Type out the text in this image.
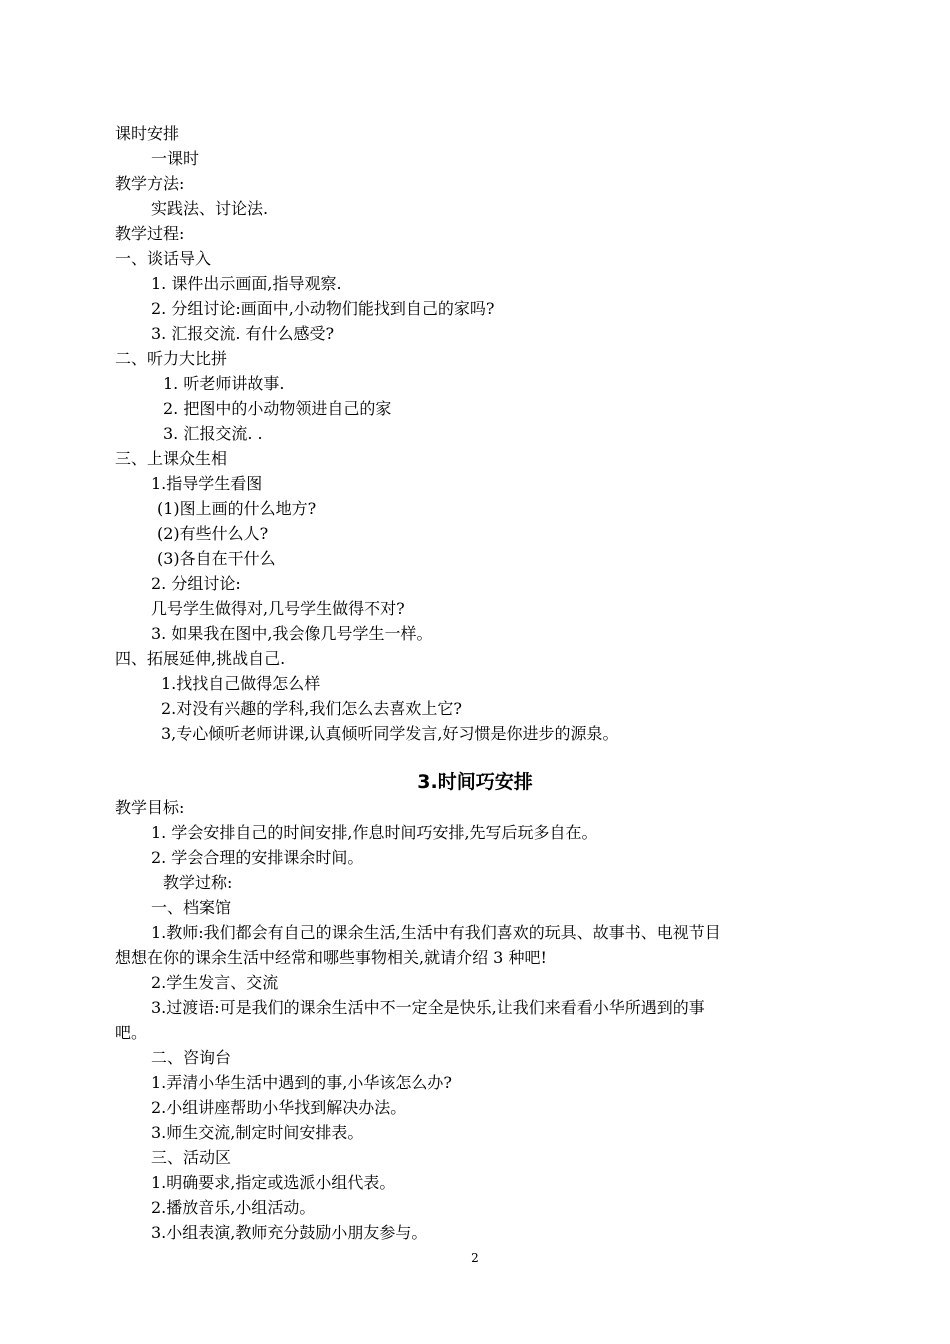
课时安排
一课时
教学方法:
实践法、讨论法.
教学过程:
一、谈话导入
1. 课件出示画面,指导观察.
2. 分组讨论:画面中,小动物们能找到自己的家吗?
3. 汇报交流. 有什么感受?
二、听力大比拼
1. 听老师讲故事.
2. 把图中的小动物领进自己的家
3. 汇报交流. .
三、上课众生相
1.指导学生看图
(1)图上画的什么地方?
(2)有些什么人?
(3)各自在干什么
2. 分组讨论:
几号学生做得对,几号学生做得不对?
3. 如果我在图中,我会像几号学生一样。
四、拓展延伸,挑战自己.
1.找找自己做得怎么样
2.对没有兴趣的学科,我们怎么去喜欢上它?
3,专心倾听老师讲课,认真倾听同学发言,好习惯是你进步的源泉。
3.时间巧安排
教学目标:
1. 学会安排自己的时间安排,作息时间巧安排,先写后玩多自在。
2. 学会合理的安排课余时间。
教学过称:
一、档案馆
1.教师:我们都会有自己的课余生活,生活中有我们喜欢的玩具、故事书、电视节目
想想在你的课余生活中经常和哪些事物相关,就请介绍 3 种吧!
2.学生发言、交流
3.过渡语:可是我们的课余生活中不一定全是快乐,让我们来看看小华所遇到的事
吧。
二、咨询台
1.弄清小华生活中遇到的事,小华该怎么办?
2.小组讲座帮助小华找到解决办法。
3.师生交流,制定时间安排表。
三、活动区
1.明确要求,指定或选派小组代表。
2.播放音乐,小组活动。
3.小组表演,教师充分鼓励小朋友参与。
2
